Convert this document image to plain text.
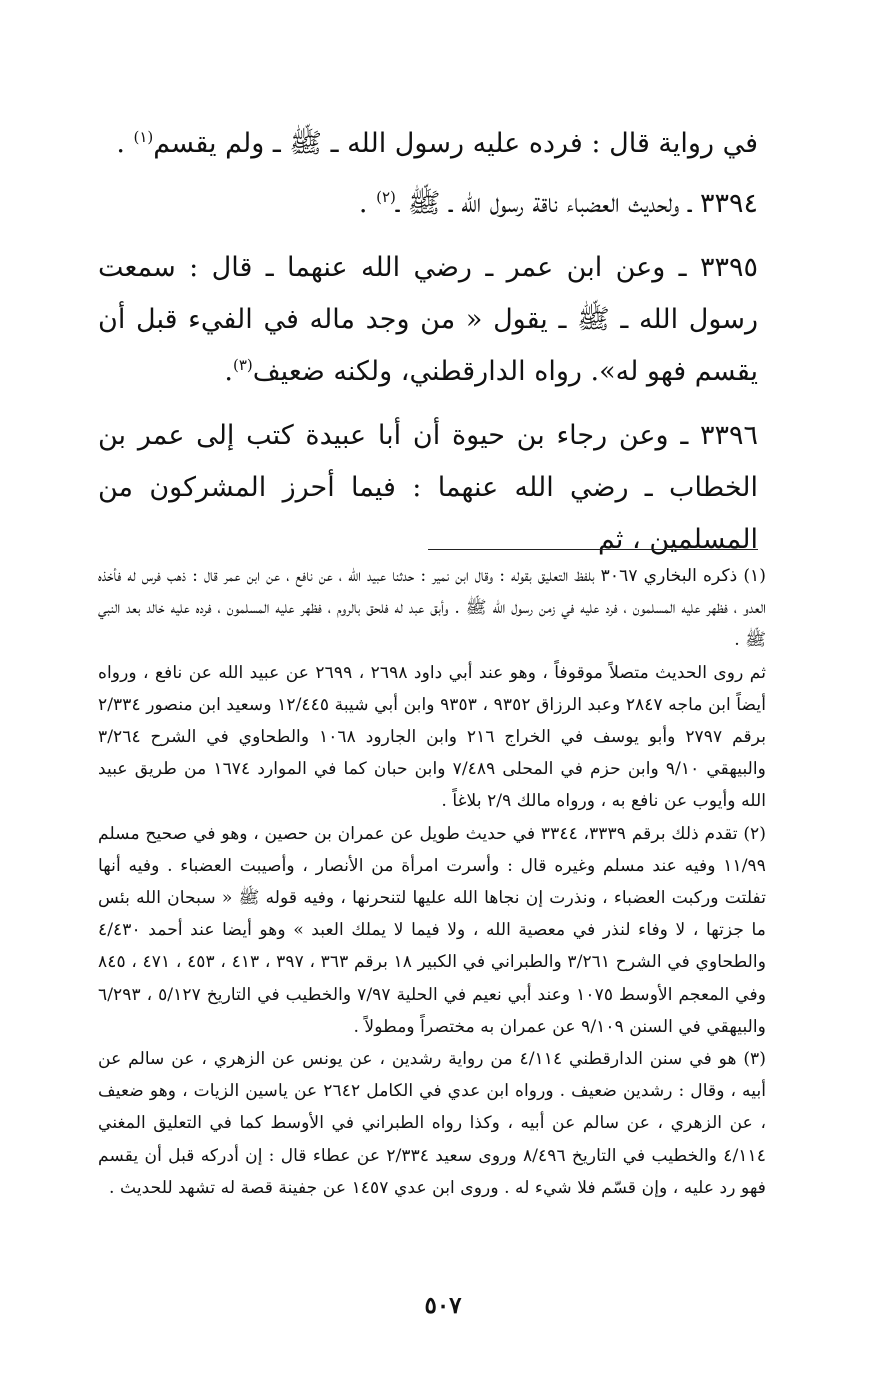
في رواية قال : فرده عليه رسول الله ـ ﷺ ـ ولم يقسم$^{(١)}$ .

٣٣٩٤ ـ ولحديث العضباء ناقة رسول الله ـ ﷺ ـ$^{(٢)}$ .

٣٣٩٥ ـ وعن ابن عمر ـ رضي الله عنهما ـ قال : سمعت رسول الله ـ ﷺ ـ يقول « من وجد ماله في الفيء قبل أن يقسم فهو له». رواه الدارقطني، ولكنه ضعيف$^{(٣)}$.

٣٣٩٦ ـ وعن رجاء بن حيوة أن أبا عبيدة كتب إلى عمر بن الخطاب ـ رضي الله عنهما : فيما أحرز المشركون من المسلمين ، ثم

(١) ذكره البخاري ٣٠٦٧ بلفظ التعليق بقوله : وقال ابن نمير : حدثنا عبيد الله ، عن نافع ، عن ابن عمر قال : ذهب فرس له فأخذه العدو ، فظهر عليه المسلمون ، فرد عليه في زمن رسول الله ﷺ . وأبق عبد له فلحق بالروم ، فظهر عليه المسلمون ، فرده عليه خالد بعد النبي ﷺ .

ثم روى الحديث متصلاً موقوفاً ، وهو عند أبي داود ٢٦٩٨ ، ٢٦٩٩ عن عبيد الله عن نافع ، ورواه أيضاً ابن ماجه ٢٨٤٧ وعبد الرزاق ٩٣٥٢ ، ٩٣٥٣ وابن أبي شيبة ١٢/٤٤٥ وسعيد ابن منصور ٢/٣٣٤ برقم ٢٧٩٧ وأبو يوسف في الخراج ٢١٦ وابن الجارود ١٠٦٨ والطحاوي في الشرح ٣/٢٦٤ والبيهقي ٩/١٠ وابن حزم في المحلى ٧/٤٨٩ وابن حبان كما في الموارد ١٦٧٤ من طريق عبيد الله وأيوب عن نافع به ، ورواه مالك ٢/٩ بلاغاً .

(٢) تقدم ذلك برقم ٣٣٣٩، ٣٣٤٤ في حديث طويل عن عمران بن حصين ، وهو في صحيح مسلم ١١/٩٩ وفيه عند مسلم وغيره قال : وأسرت امرأة من الأنصار ، وأصيبت العضباء . وفيه أنها تفلتت وركبت العضباء ، ونذرت إن نجاها الله عليها لتنحرنها ، وفيه قوله ﷺ « سبحان الله بئس ما جزتها ، لا وفاء لنذر في معصية الله ، ولا فيما لا يملك العبد » وهو أيضا عند أحمد ٤/٤٣٠ والطحاوي في الشرح ٣/٢٦١ والطبراني في الكبير ١٨ برقم ٣٦٣ ، ٣٩٧ ، ٤١٣ ، ٤٥٣ ، ٤٧١ ، ٨٤٥ وفي المعجم الأوسط ١٠٧٥ وعند أبي نعيم في الحلية ٧/٩٧ والخطيب في التاريخ ٥/١٢٧ ، ٦/٢٩٣ والبيهقي في السنن ٩/١٠٩ عن عمران به مختصراً ومطولاً .

(٣) هو في سنن الدارقطني ٤/١١٤ من رواية رشدين ، عن يونس عن الزهري ، عن سالم عن أبيه ، وقال : رشدين ضعيف . ورواه ابن عدي في الكامل ٢٦٤٢ عن ياسين الزيات ، وهو ضعيف ، عن الزهري ، عن سالم عن أبيه ، وكذا رواه الطبراني في الأوسط كما في التعليق المغني ٤/١١٤ والخطيب في التاريخ ٨/٤٩٦ وروى سعيد ٢/٣٣٤ عن عطاء قال : إن أدركه قبل أن يقسم فهو رد عليه ، وإن قسّم فلا شيء له . وروى ابن عدي ١٤٥٧ عن جفينة قصة له تشهد للحديث .

٥٠٧
